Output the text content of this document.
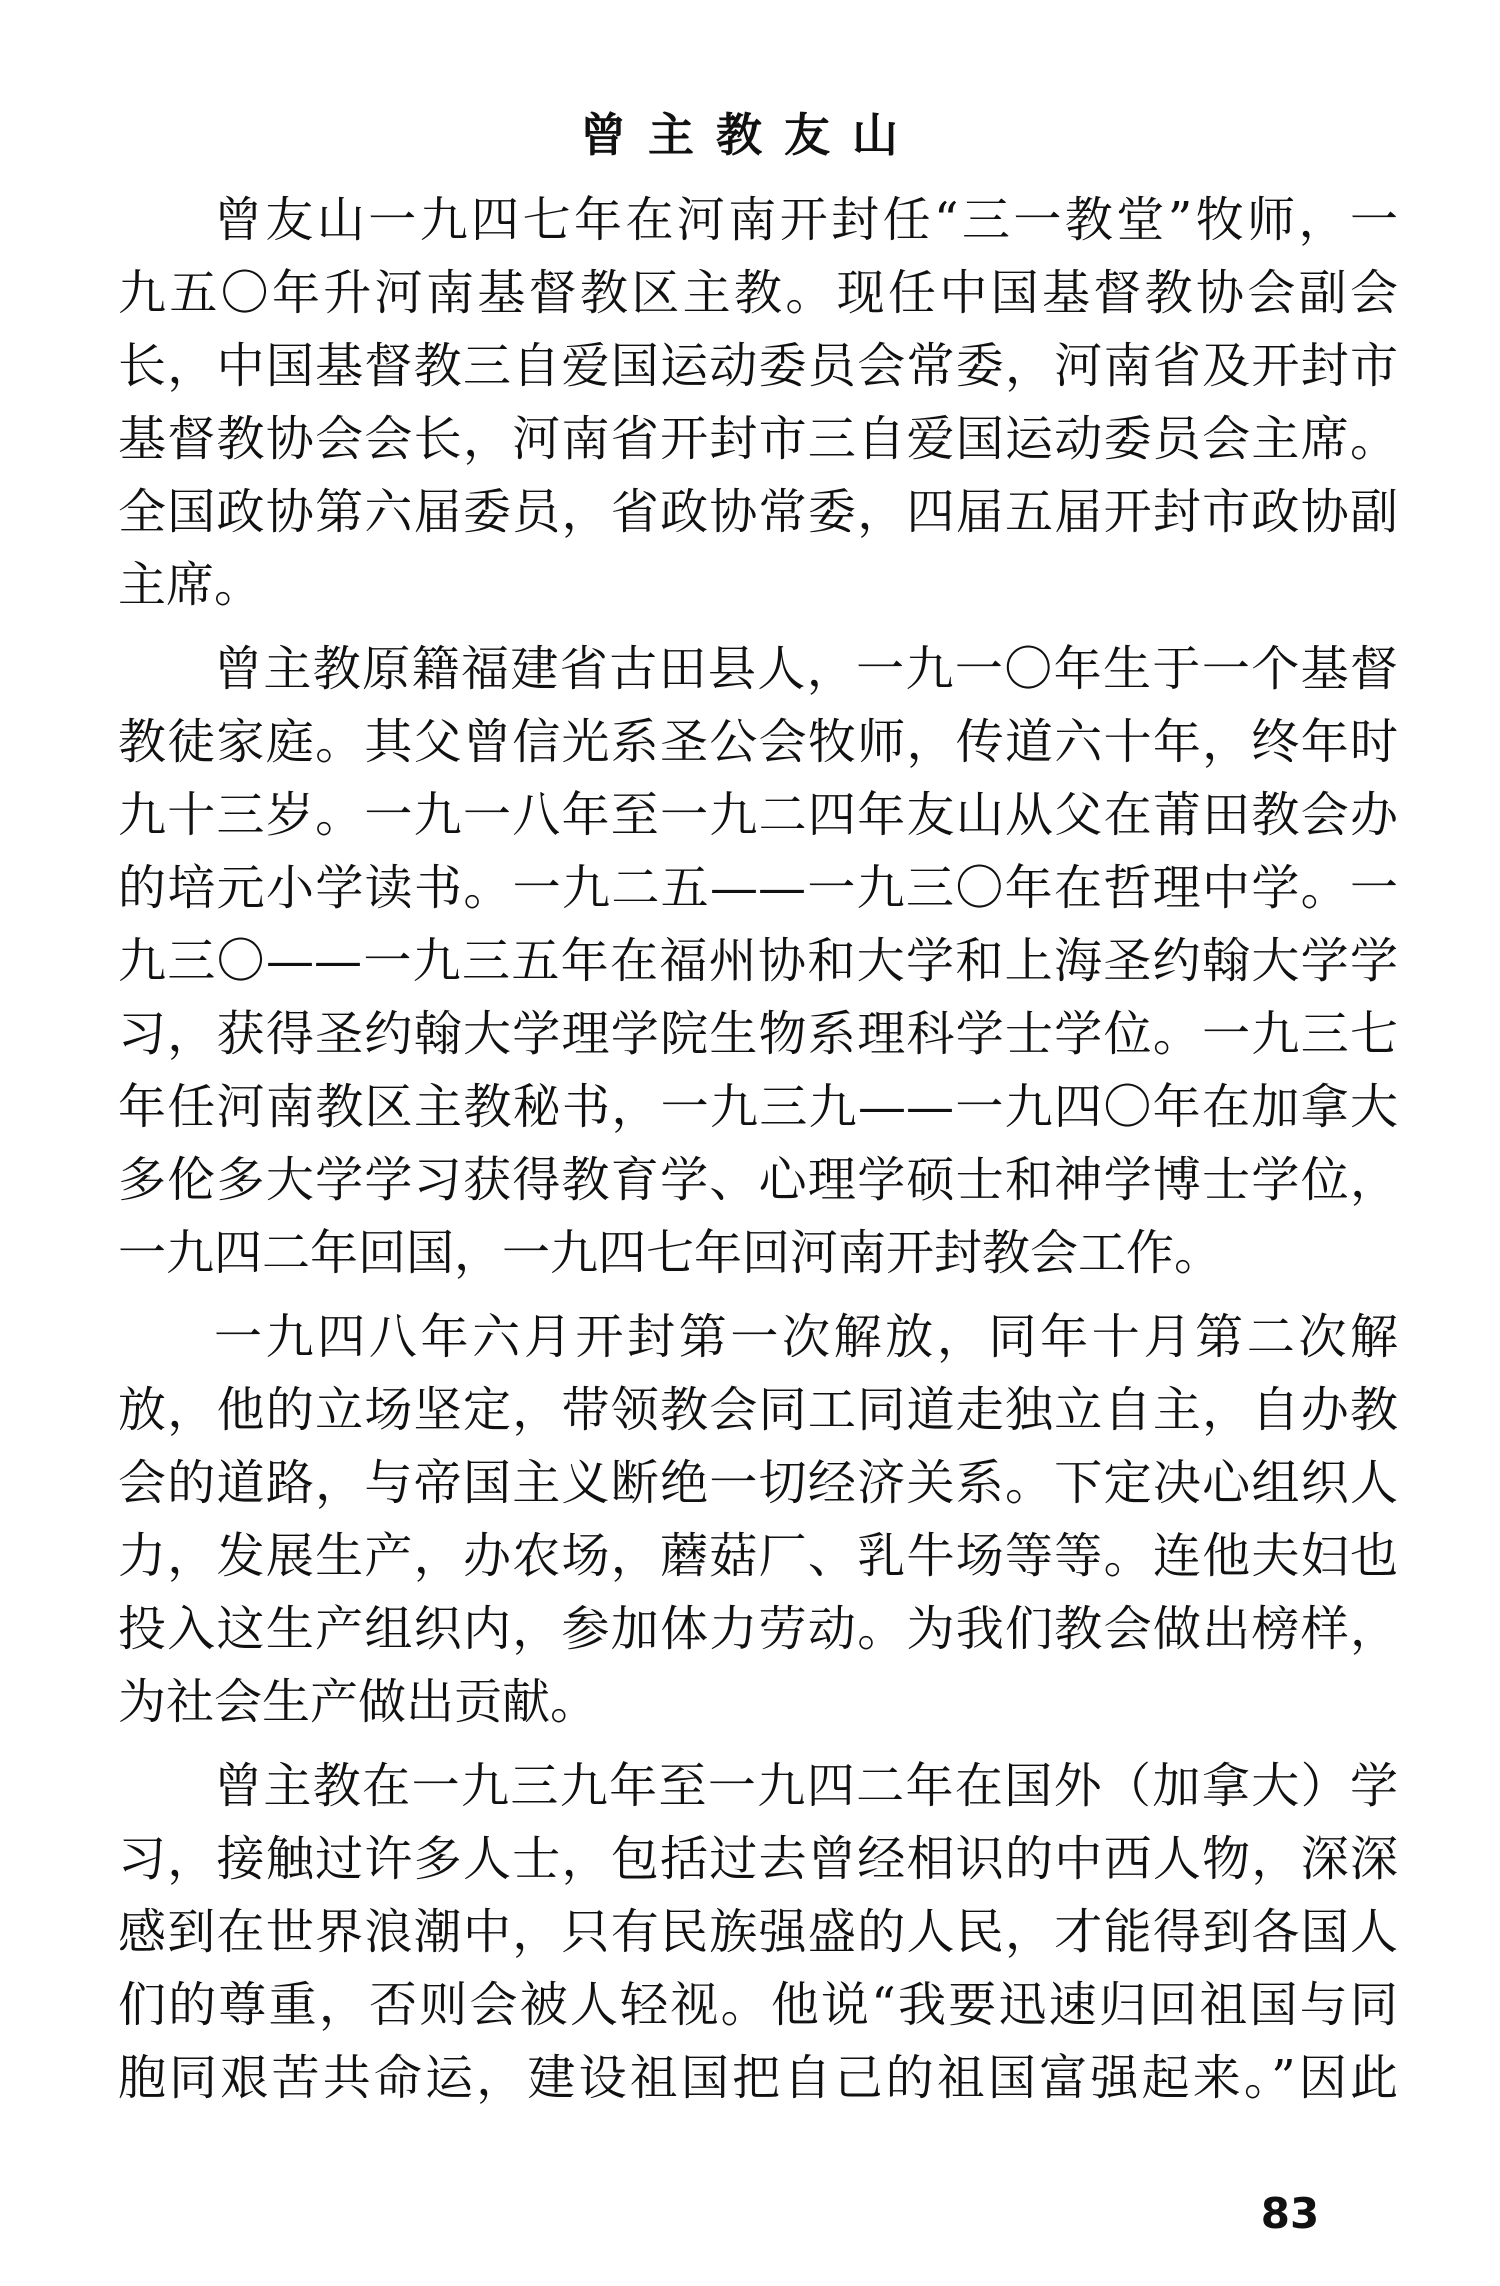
曾主教友山
曾友山一九四七年在河南开封任“三一教堂”牧师，一
九五〇年升河南基督教区主教。现任中国基督教协会副会
长，中国基督教三自爱国运动委员会常委，河南省及开封市
基督教协会会长，河南省开封市三自爱国运动委员会主席。
全国政协第六届委员，省政协常委，四届五届开封市政协副
主席。
曾主教原籍福建省古田县人，一九一〇年生于一个基督
教徒家庭。其父曾信光系圣公会牧师，传道六十年，终年时
九十三岁。一九一八年至一九二四年友山从父在莆田教会办
的培元小学读书。一九二五——一九三〇年在哲理中学。一
九三〇——一九三五年在福州协和大学和上海圣约翰大学学
习，获得圣约翰大学理学院生物系理科学士学位。一九三七
年任河南教区主教秘书，一九三九——一九四〇年在加拿大
多伦多大学学习获得教育学、心理学硕士和神学博士学位，
一九四二年回国，一九四七年回河南开封教会工作。
一九四八年六月开封第一次解放，同年十月第二次解
放，他的立场坚定，带领教会同工同道走独立自主，自办教
会的道路，与帝国主义断绝一切经济关系。下定决心组织人
力，发展生产，办农场，蘑菇厂、乳牛场等等。连他夫妇也
投入这生产组织内，参加体力劳动。为我们教会做出榜样，
为社会生产做出贡献。
曾主教在一九三九年至一九四二年在国外（加拿大）学
习，接触过许多人士，包括过去曾经相识的中西人物，深深
感到在世界浪潮中，只有民族强盛的人民，才能得到各国人
们的尊重，否则会被人轻视。他说“我要迅速归回祖国与同
胞同艰苦共命运，建设祖国把自己的祖国富强起来。”因此
83
